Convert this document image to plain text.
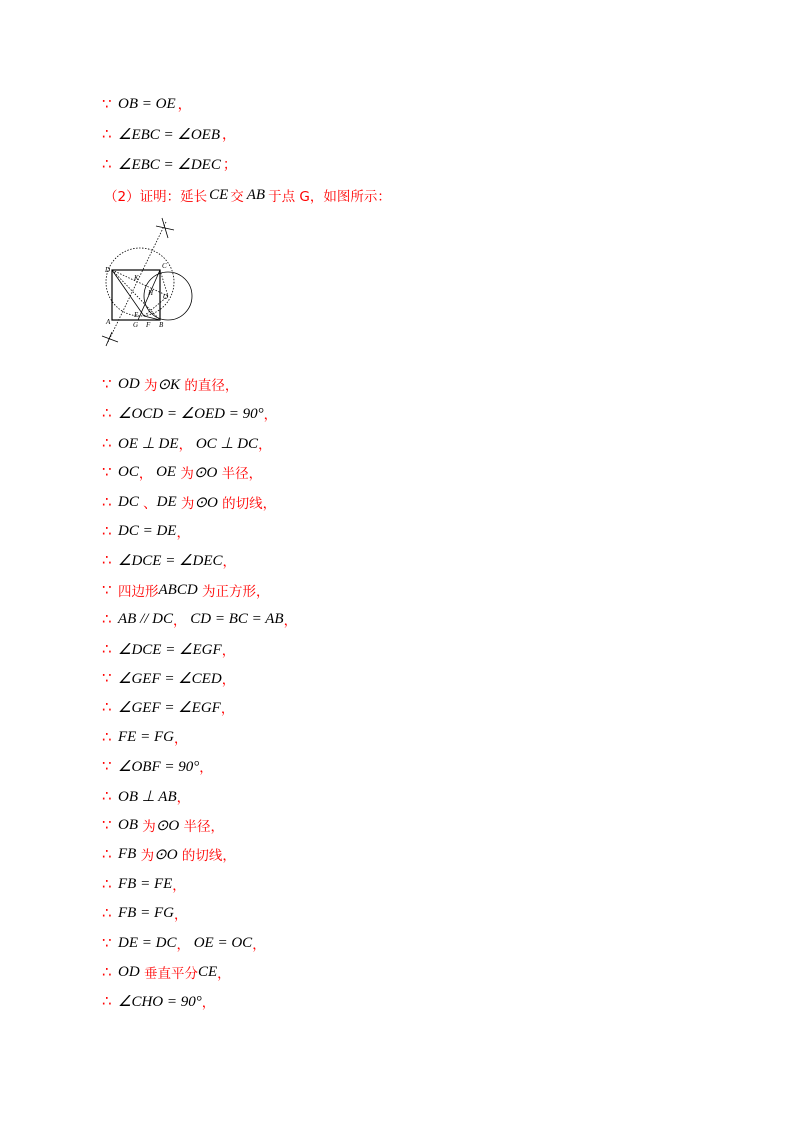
∵ OB = OE ，
∴ ∠EBC = ∠OEB ，
∴ ∠EBC = ∠DEC ；
（2）证明：延长 CE 交 AB 于点 G，如图所示：
D	C
K
H O
A
E
G F B
∵ OD 为 ⊙K 的直径，
∴ ∠OCD = ∠OED = 90° ，
∴ OE ⊥ DE ， OC ⊥ DC ，
∵ OC ， OE 为 ⊙O 半径，
∴ DC 、 DE 为 ⊙O 的切线，
∴ DC = DE ，
∴ ∠DCE = ∠DEC ，
∵ 四边形 ABCD 为正方形，
∴ AB // DC ， CD = BC = AB ，
∴ ∠DCE = ∠EGF ，
∵ ∠GEF = ∠CED ，
∴ ∠GEF = ∠EGF ，
∴ FE = FG ，
∵ ∠OBF = 90° ，
∴ OB ⊥ AB ，
∵ OB 为 ⊙O 半径，
∴ FB 为 ⊙O 的切线，
∴ FB = FE ，
∴ FB = FG ，
∵ DE = DC ， OE = OC ，
∴ OD 垂直平分 CE ，
∴ ∠CHO = 90° ，
